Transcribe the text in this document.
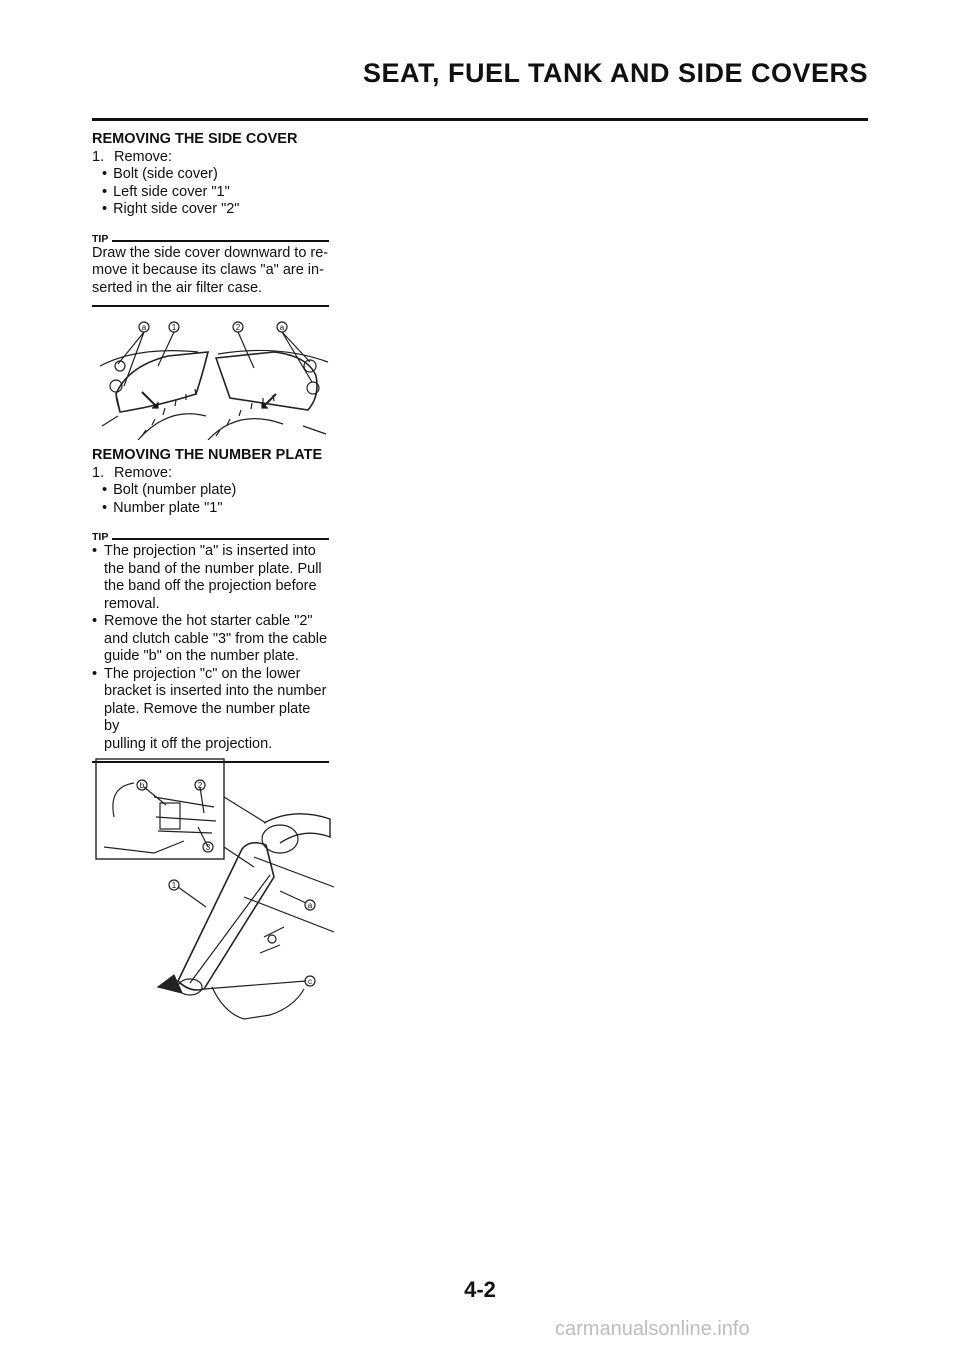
SEAT, FUEL TANK AND SIDE COVERS

REMOVING THE SIDE COVER

1. Remove:

• Bolt (side cover)
• Left side cover "1"
• Right side cover "2"
TIP

Draw the side cover downward to re-
move it because its claws "a" are in-
serted in the air filter case.

a	1	2	a

REMOVING THE NUMBER PLATE

1. Remove:

• Bolt (number plate)
• Number plate "1"
TIP
• The projection "a" is inserted into
the band of the number plate. Pull
the band off the projection before
removal.
• Remove the hot starter cable "2"
and clutch cable "3" from the cable
guide "b" on the number plate.
• The projection "c" on the lower
bracket is inserted into the number
plate. Remove the number plate by
pulling it off the projection.
b	2
3
1
a
c

4-2

carmanualsonline.info
